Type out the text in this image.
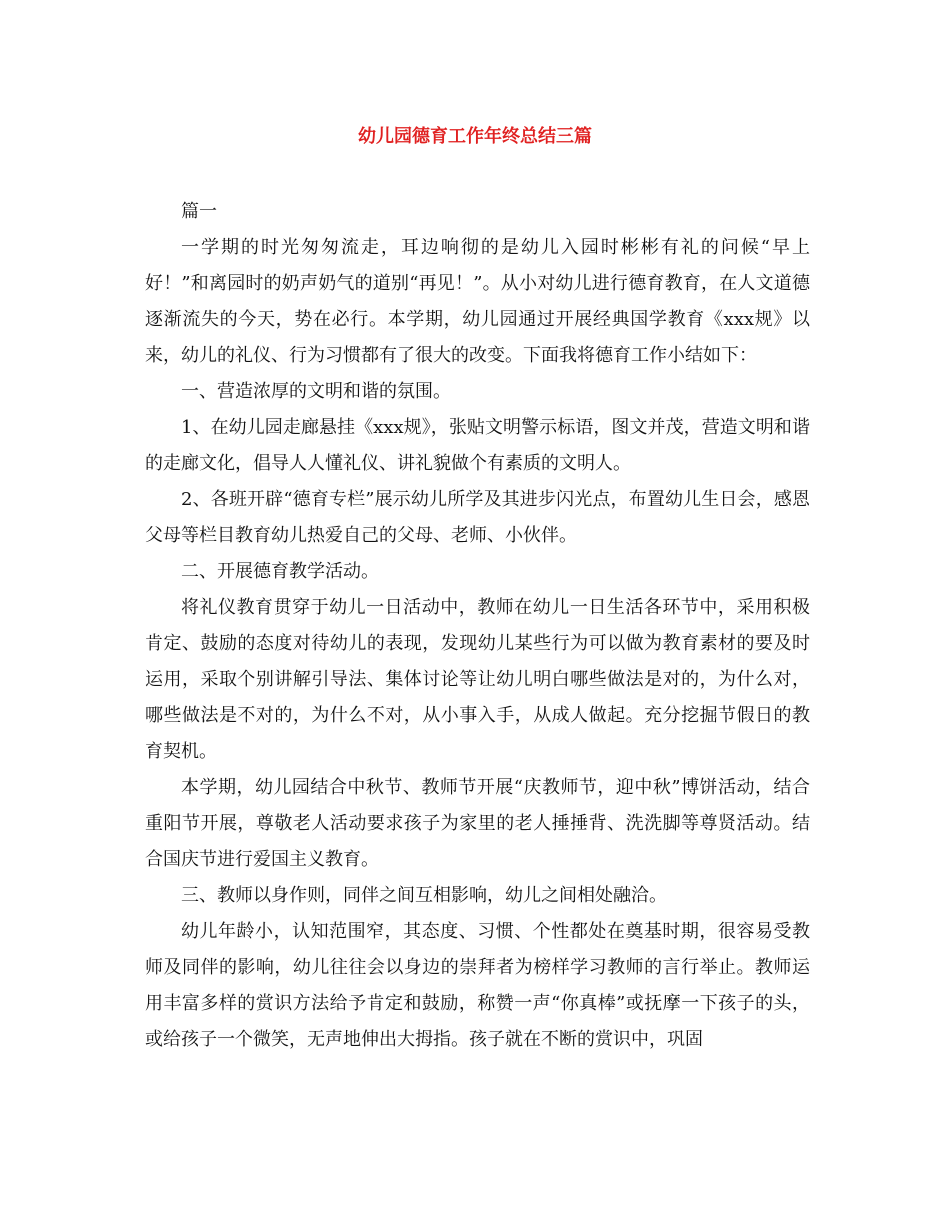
幼儿园德育工作年终总结三篇

篇一

一学期的时光匆匆流走，耳边响彻的是幼儿入园时彬彬有礼的问候“早上好！”和离园时的奶声奶气的道别“再见！”。从小对幼儿进行德育教育，在人文道德逐渐流失的今天，势在必行。本学期，幼儿园通过开展经典国学教育《xxx规》以来，幼儿的礼仪、行为习惯都有了很大的改变。下面我将德育工作小结如下：

一、营造浓厚的文明和谐的氛围。

1、在幼儿园走廊悬挂《xxx规》，张贴文明警示标语，图文并茂，营造文明和谐的走廊文化，倡导人人懂礼仪、讲礼貌做个有素质的文明人。

2、各班开辟“德育专栏”展示幼儿所学及其进步闪光点，布置幼儿生日会，感恩父母等栏目教育幼儿热爱自己的父母、老师、小伙伴。

二、开展德育教学活动。

将礼仪教育贯穿于幼儿一日活动中，教师在幼儿一日生活各环节中，采用积极肯定、鼓励的态度对待幼儿的表现，发现幼儿某些行为可以做为教育素材的要及时运用，采取个别讲解引导法、集体讨论等让幼儿明白哪些做法是对的，为什么对，哪些做法是不对的，为什么不对，从小事入手，从成人做起。充分挖掘节假日的教育契机。

本学期，幼儿园结合中秋节、教师节开展“庆教师节，迎中秋”博饼活动，结合重阳节开展，尊敬老人活动要求孩子为家里的老人捶捶背、洗洗脚等尊贤活动。结合国庆节进行爱国主义教育。

三、教师以身作则，同伴之间互相影响，幼儿之间相处融洽。

幼儿年龄小，认知范围窄，其态度、习惯、个性都处在奠基时期，很容易受教师及同伴的影响，幼儿往往会以身边的崇拜者为榜样学习教师的言行举止。教师运用丰富多样的赏识方法给予肯定和鼓励，称赞一声“你真棒”或抚摩一下孩子的头，或给孩子一个微笑，无声地伸出大拇指。孩子就在不断的赏识中，巩固
